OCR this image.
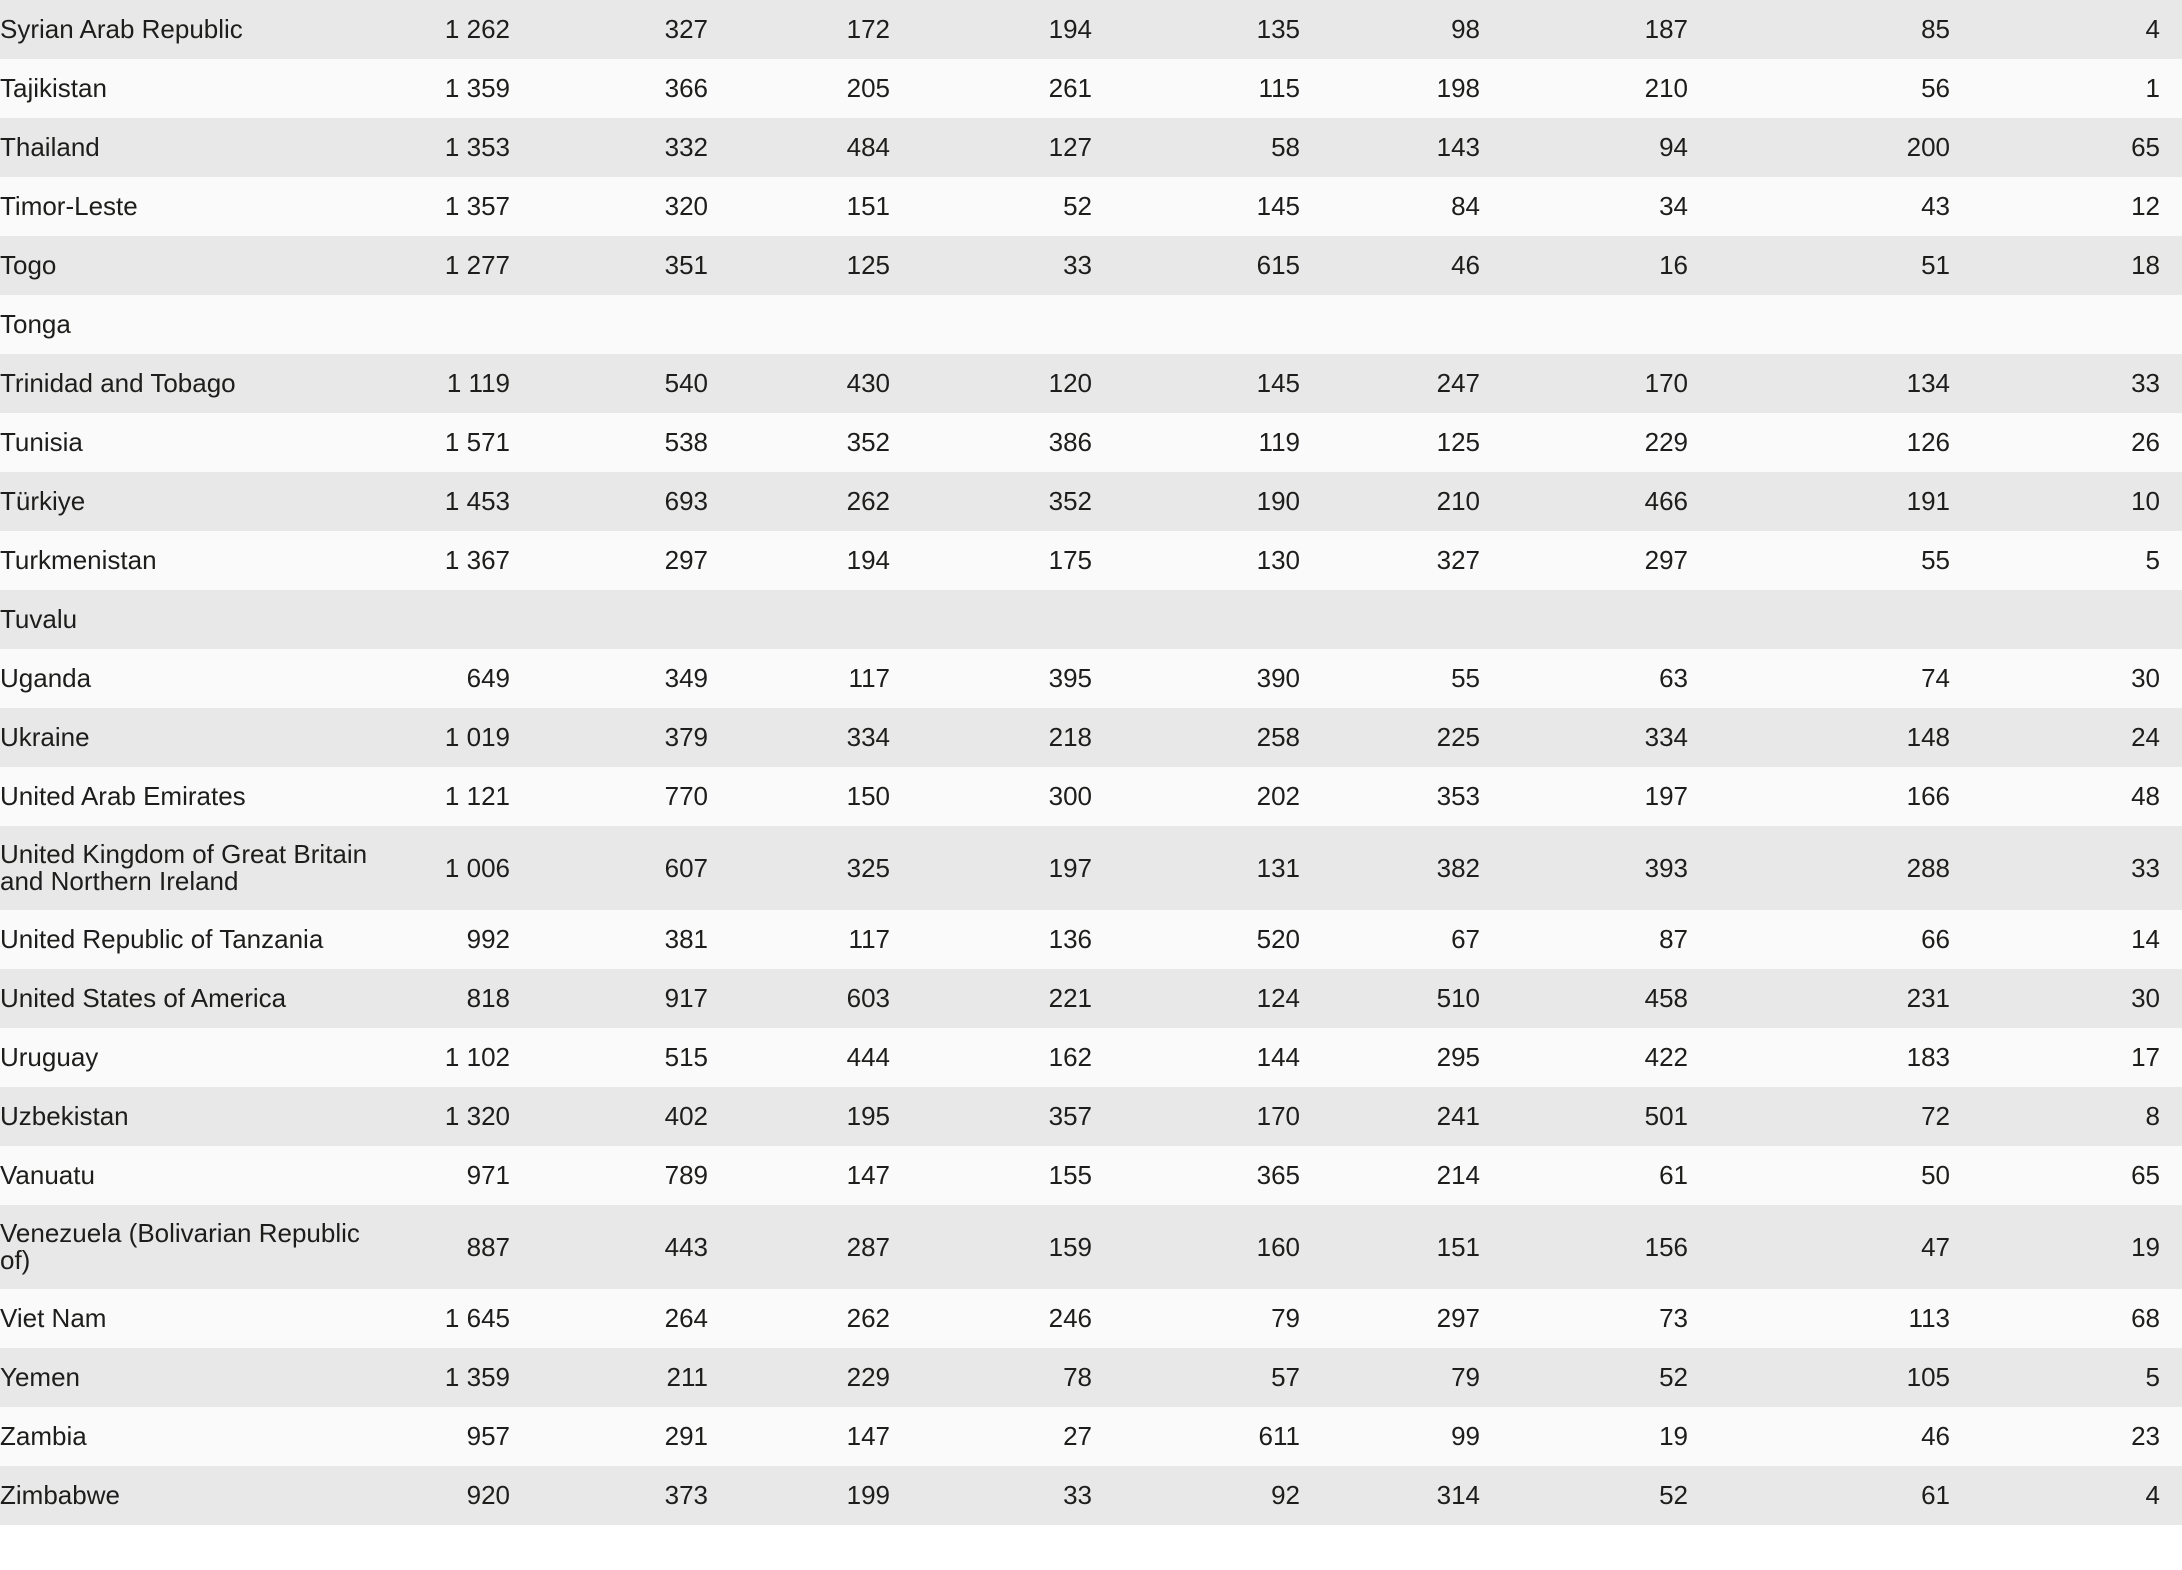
Syrian Arab Republic	1 262	327	172	194	135	98	187	85	4
Tajikistan	1 359	366	205	261	115	198	210	56	1
Thailand	1 353	332	484	127	58	143	94	200	65
Timor-Leste	1 357	320	151	52	145	84	34	43	12
Togo	1 277	351	125	33	615	46	16	51	18
Tonga									
Trinidad and Tobago	1 119	540	430	120	145	247	170	134	33
Tunisia	1 571	538	352	386	119	125	229	126	26
Türkiye	1 453	693	262	352	190	210	466	191	10
Turkmenistan	1 367	297	194	175	130	327	297	55	5
Tuvalu									
Uganda	649	349	117	395	390	55	63	74	30
Ukraine	1 019	379	334	218	258	225	334	148	24
United Arab Emirates	1 121	770	150	300	202	353	197	166	48
United Kingdom of Great Britain and Northern Ireland	1 006	607	325	197	131	382	393	288	33
United Republic of Tanzania	992	381	117	136	520	67	87	66	14
United States of America	818	917	603	221	124	510	458	231	30
Uruguay	1 102	515	444	162	144	295	422	183	17
Uzbekistan	1 320	402	195	357	170	241	501	72	8
Vanuatu	971	789	147	155	365	214	61	50	65
Venezuela (Bolivarian Republic of)	887	443	287	159	160	151	156	47	19
Viet Nam	1 645	264	262	246	79	297	73	113	68
Yemen	1 359	211	229	78	57	79	52	105	5
Zambia	957	291	147	27	611	99	19	46	23
Zimbabwe	920	373	199	33	92	314	52	61	4
